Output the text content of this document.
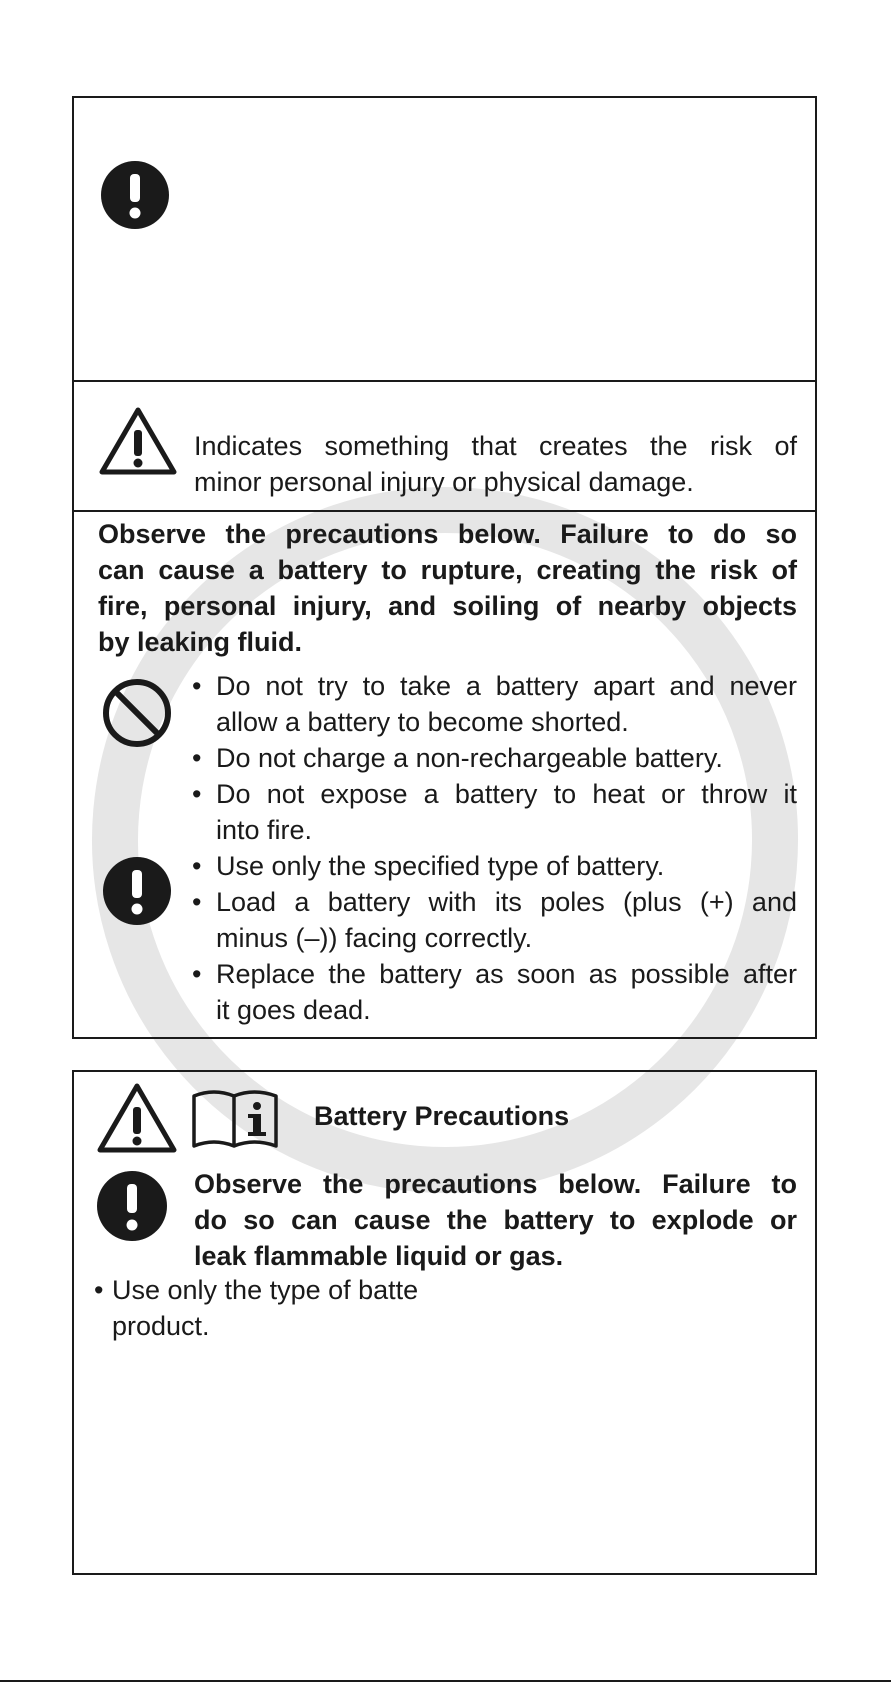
Indicates something that creates the risk of
minor personal injury or physical damage.
Observe the precautions below. Failure to do so
can cause a battery to rupture, creating the risk of
fire, personal injury, and soiling of nearby objects
by leaking fluid.
• Do not try to take a battery apart and never
allow a battery to become shorted.
• Do not charge a non-rechargeable battery.
• Do not expose a battery to heat or throw it
into fire.
• Use only the specified type of battery.
• Load a battery with its poles (plus (+) and
minus (–)) facing correctly.
• Replace the battery as soon as possible after
it goes dead.
Battery Precautions
Observe the precautions below. Failure to
do so can cause the battery to explode or
leak flammable liquid or gas.
• Use only the type of batte
product.
